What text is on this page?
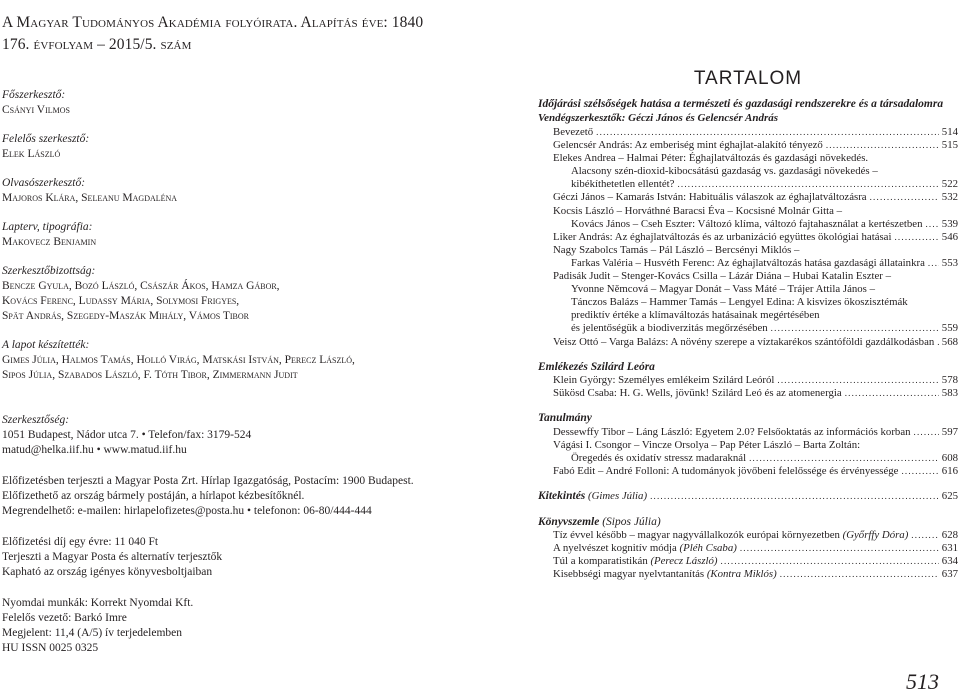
A Magyar Tudományos Akadémia folyóirata. Alapítás éve: 1840
176. évfolyam – 2015/5. szám
Főszerkesztő:
Csányi Vilmos
Felelős szerkesztő:
Elek László
Olvasószerkesztő:
Majoros Klára, Seleanu Magdaléna
Lapterv, tipográfia:
Makovecz Benjamin
Szerkesztőbizottság:
Bencze Gyula, Bozó László, Császár Ákos, Hamza Gábor,
Kovács Ferenc, Ludassy Mária, Solymosi Frigyes,
Spät András, Szegedy-Maszák Mihály, Vámos Tibor
A lapot készítették:
Gimes Júlia, Halmos Tamás, Holló Virág, Matskási István, Perecz László,
Sipos Júlia, Szabados László, F. Tóth Tibor, Zimmermann Judit
Szerkesztőség:
1051 Budapest, Nádor utca 7. • Telefon/fax: 3179-524
matud@helka.iif.hu • www.matud.iif.hu
Előfizetésben terjeszti a Magyar Posta Zrt. Hírlap Igazgatóság, Postacím: 1900 Budapest.
Előfizethető az ország bármely postáján, a hírlapot kézbesítőknél.
Megrendelhető: e-mailen: hirlapelofizetes@posta.hu • telefonon: 06-80/444-444
Előfizetési díj egy évre: 11 040 Ft
Terjeszti a Magyar Posta és alternatív terjesztők
Kapható az ország igényes könyvesboltjaiban
Nyomdai munkák: Korrekt Nyomdai Kft.
Felelős vezető: Barkó Imre
Megjelent: 11,4 (A/5) ív terjedelemben
HU ISSN 0025 0325
TARTALOM
Időjárási szélsőségek hatása a természeti és gazdasági rendszerekre és a társadalomra
Vendégszerkesztők: Géczi János és Gelencsér András
Bevezető .....	514
Gelencsér András: Az emberiség mint éghajlat-alakító tényező .....	515
Elekes Andrea – Halmai Péter: Éghajlatváltozás és gazdasági növekedés.
Alacsony szén-dioxid-kibocsátású gazdaság vs. gazdasági növekedés –
kibékíthetetlen ellentét? .....	522
Géczi János – Kamarás István: Habituális válaszok az éghajlatváltozásra .....	532
Kocsis László – Horváthné Baracsi Éva – Kocsisné Molnár Gitta –
Kovács János – Cseh Eszter: Változó klíma, változó fajtahasználat a kertészetben ..... 539
Liker András: Az éghajlatváltozás és az urbanizáció együttes ökológiai hatásai .....	546
Nagy Szabolcs Tamás – Pál László – Bercsényi Miklós –
Farkas Valéria – Husvéth Ferenc: Az éghajlatváltozás hatása gazdasági állatainkra ..... 553
Padisák Judit – Stenger-Kovács Csilla – Lázár Diána – Hubai Katalin Eszter –
Yvonne Němcová – Magyar Donát – Vass Máté – Trájer Attila János –
Tánczos Balázs – Hammer Tamás – Lengyel Edina: A kisvizes ökoszisztémák
prediktív értéke a klímaváltozás hatásainak megértésében
és jelentőségük a biodiverzitás megőrzésében .....	559
Veisz Ottó – Varga Balázs: A növény szerepe a víztakarékos szántóföldi gazdálkodásban ..... 568
Emlékezés Szilárd Leóra
Klein György: Személyes emlékeim Szilárd Leóról .....	578
Sükösd Csaba: H. G. Wells, jövünk! Szilárd Leó és az atomenergia .....	583
Tanulmány
Dessewffy Tibor – Láng László: Egyetem 2.0? Felsőoktatás az információs korban .....	597
Vágási I. Csongor – Vincze Orsolya – Pap Péter László – Barta Zoltán:
Öregedés és oxidatív stressz madaraknál .....	608
Fabó Edit – André Folloni: A tudományok jövőbeni felelőssége és érvényessége .....	616
Kitekintés (Gimes Júlia) .....	625
Könyvszemle (Sipos Júlia)
Tíz évvel később – magyar nagyvállalkozók európai környezetben (Győrffy Dóra) .....	628
A nyelvészet kognitív módja (Pléh Csaba) .....	631
Túl a komparatistikán (Perecz László) .....	634
Kisebbségi magyar nyelvtantanítás (Kontra Miklós) .....	637
513
